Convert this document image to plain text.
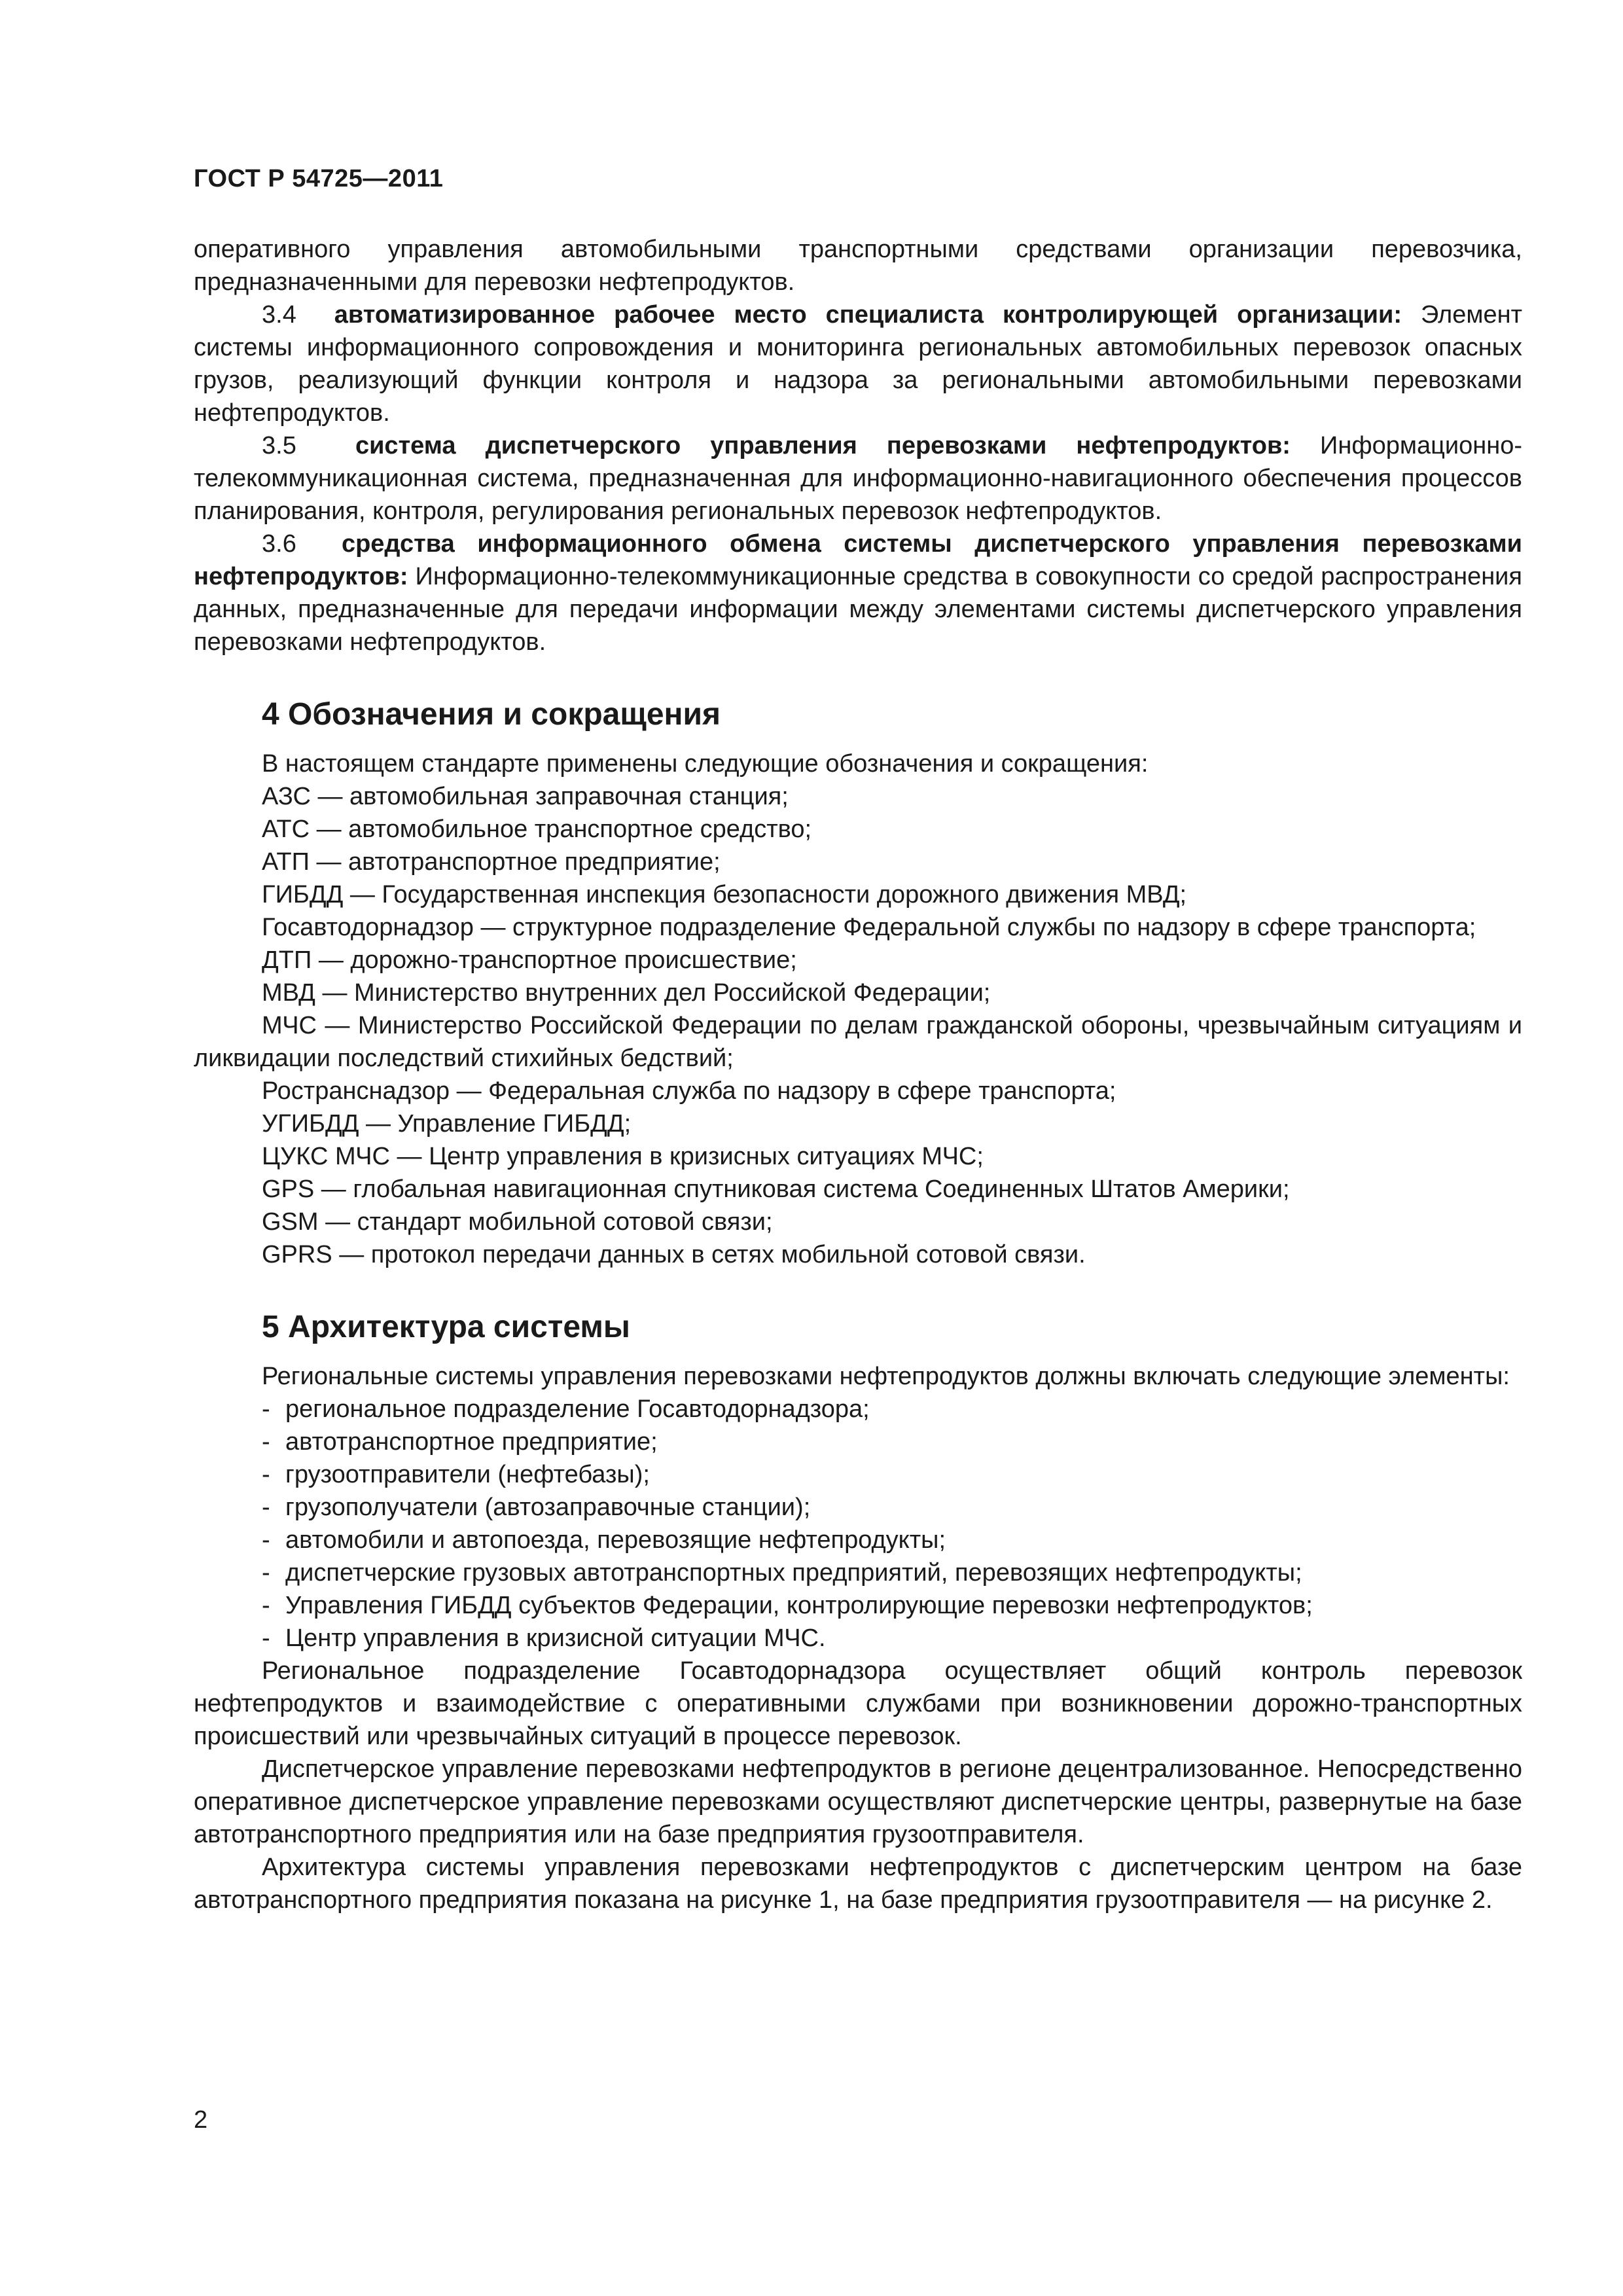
ГОСТ Р 54725—2011

оперативного управления автомобильными транспортными средствами организации перевозчика, предназначенными для перевозки нефтепродуктов.

3.4 автоматизированное рабочее место специалиста контролирующей организации: Элемент системы информационного сопровождения и мониторинга региональных автомобильных перевозок опасных грузов, реализующий функции контроля и надзора за региональными автомобильными перевозками нефтепродуктов.

3.5 система диспетчерского управления перевозками нефтепродуктов: Информационно-телекоммуникационная система, предназначенная для информационно-навигационного обеспечения процессов планирования, контроля, регулирования региональных перевозок нефтепродуктов.

3.6 средства информационного обмена системы диспетчерского управления перевозками нефтепродуктов: Информационно-телекоммуникационные средства в совокупности со средой распространения данных, предназначенные для передачи информации между элементами системы диспетчерского управления перевозками нефтепродуктов.

4 Обозначения и сокращения

В настоящем стандарте применены следующие обозначения и сокращения:

АЗС — автомобильная заправочная станция;

АТС — автомобильное транспортное средство;

АТП — автотранспортное предприятие;

ГИБДД — Государственная инспекция безопасности дорожного движения МВД;

Госавтодорнадзор — структурное подразделение Федеральной службы по надзору в сфере транспорта;

ДТП — дорожно-транспортное происшествие;

МВД — Министерство внутренних дел Российской Федерации;

МЧС — Министерство Российской Федерации по делам гражданской обороны, чрезвычайным ситуациям и ликвидации последствий стихийных бедствий;

Ространснадзор — Федеральная служба по надзору в сфере транспорта;

УГИБДД — Управление ГИБДД;

ЦУКС МЧС — Центр управления в кризисных ситуациях МЧС;

GPS — глобальная навигационная спутниковая система Соединенных Штатов Америки;

GSM — стандарт мобильной сотовой связи;

GPRS — протокол передачи данных в сетях мобильной сотовой связи.

5 Архитектура системы

Региональные системы управления перевозками нефтепродуктов должны включать следующие элементы:

- региональное подразделение Госавтодорнадзора;
- автотранспортное предприятие;
- грузоотправители (нефтебазы);
- грузополучатели (автозаправочные станции);
- автомобили и автопоезда, перевозящие нефтепродукты;
- диспетчерские грузовых автотранспортных предприятий, перевозящих нефтепродукты;
- Управления ГИБДД субъектов Федерации, контролирующие перевозки нефтепродуктов;
- Центр управления в кризисной ситуации МЧС.

Региональное подразделение Госавтодорнадзора осуществляет общий контроль перевозок нефтепродуктов и взаимодействие с оперативными службами при возникновении дорожно-транспортных происшествий или чрезвычайных ситуаций в процессе перевозок.

Диспетчерское управление перевозками нефтепродуктов в регионе децентрализованное. Непосредственно оперативное диспетчерское управление перевозками осуществляют диспетчерские центры, развернутые на базе автотранспортного предприятия или на базе предприятия грузоотправителя.

Архитектура системы управления перевозками нефтепродуктов с диспетчерским центром на базе автотранспортного предприятия показана на рисунке 1, на базе предприятия грузоотправителя — на рисунке 2.

2
